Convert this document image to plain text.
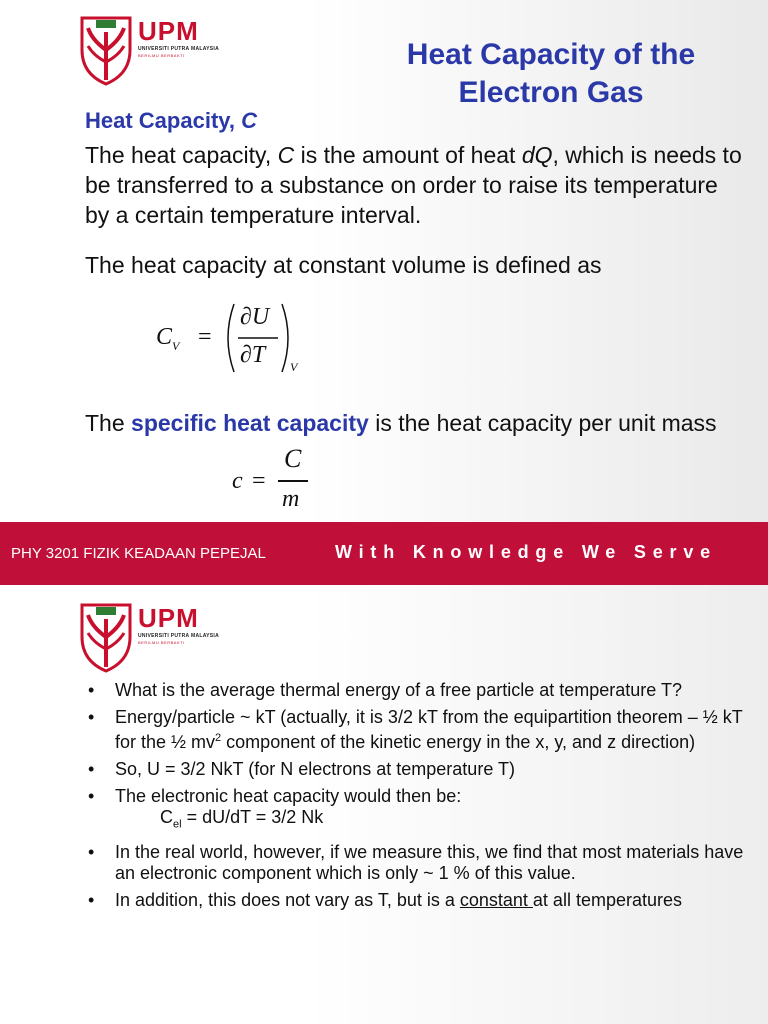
UPM
UNIVERSITI PUTRA MALAYSIA
BERILMU BERBAKTI	Heat Capacity of the
Electron Gas
Heat Capacity, C
The heat capacity, C is the amount of heat dQ, which is needs to be transferred to a substance on order to raise its temperature by a certain temperature interval.
The heat capacity at constant volume is defined as
$C_V$ =
∂U
∂T V
The specific heat capacity is the heat capacity per unit mass
c =
C
m
PHY 3201 FIZIK KEADAAN PEPEJAL	With Knowledge We Serve
UPM
UNIVERSITI PUTRA MALAYSIA
BERILMU BERBAKTI
• What is the average thermal energy of a free particle at temperature T?
• Energy/particle ~ kT (actually, it is 3/2 kT from the equipartition theorem – ½ kT for the ½ $mv^2$ component of the kinetic energy in the x, y, and z direction)
• So, U = 3/2 NkT (for N electrons at temperature T)
• The electronic heat capacity would then be:
$C_{el} = dU/dT = 3/2$ Nk
• In the real world, however, if we measure this, we find that most materials have an electronic component which is only ~ 1 % of this value.
• In addition, this does not vary as T, but is a constant at all temperatures
